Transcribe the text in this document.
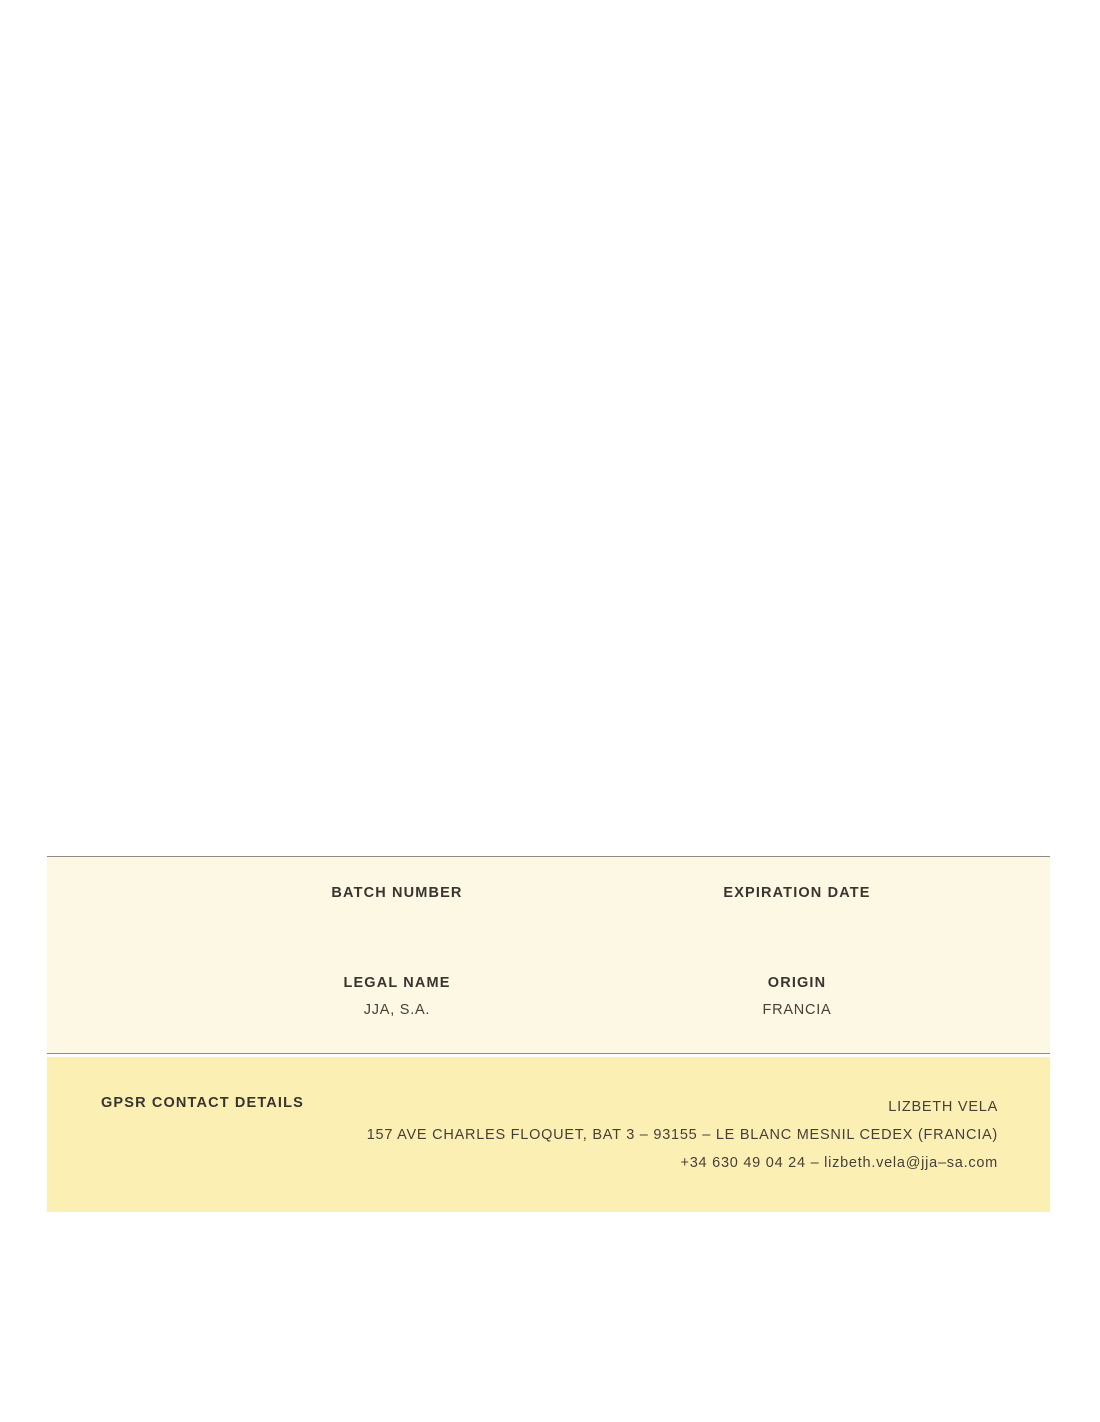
BATCH NUMBER	EXPIRATION DATE
LEGAL NAME
JJA, S.A.
ORIGIN
FRANCIA
GPSR CONTACT DETAILS	LIZBETH VELA
157 AVE CHARLES FLOQUET, BAT 3 – 93155 – LE BLANC MESNIL CEDEX (FRANCIA)
+34 630 49 04 24 – lizbeth.vela@jja–sa.com
